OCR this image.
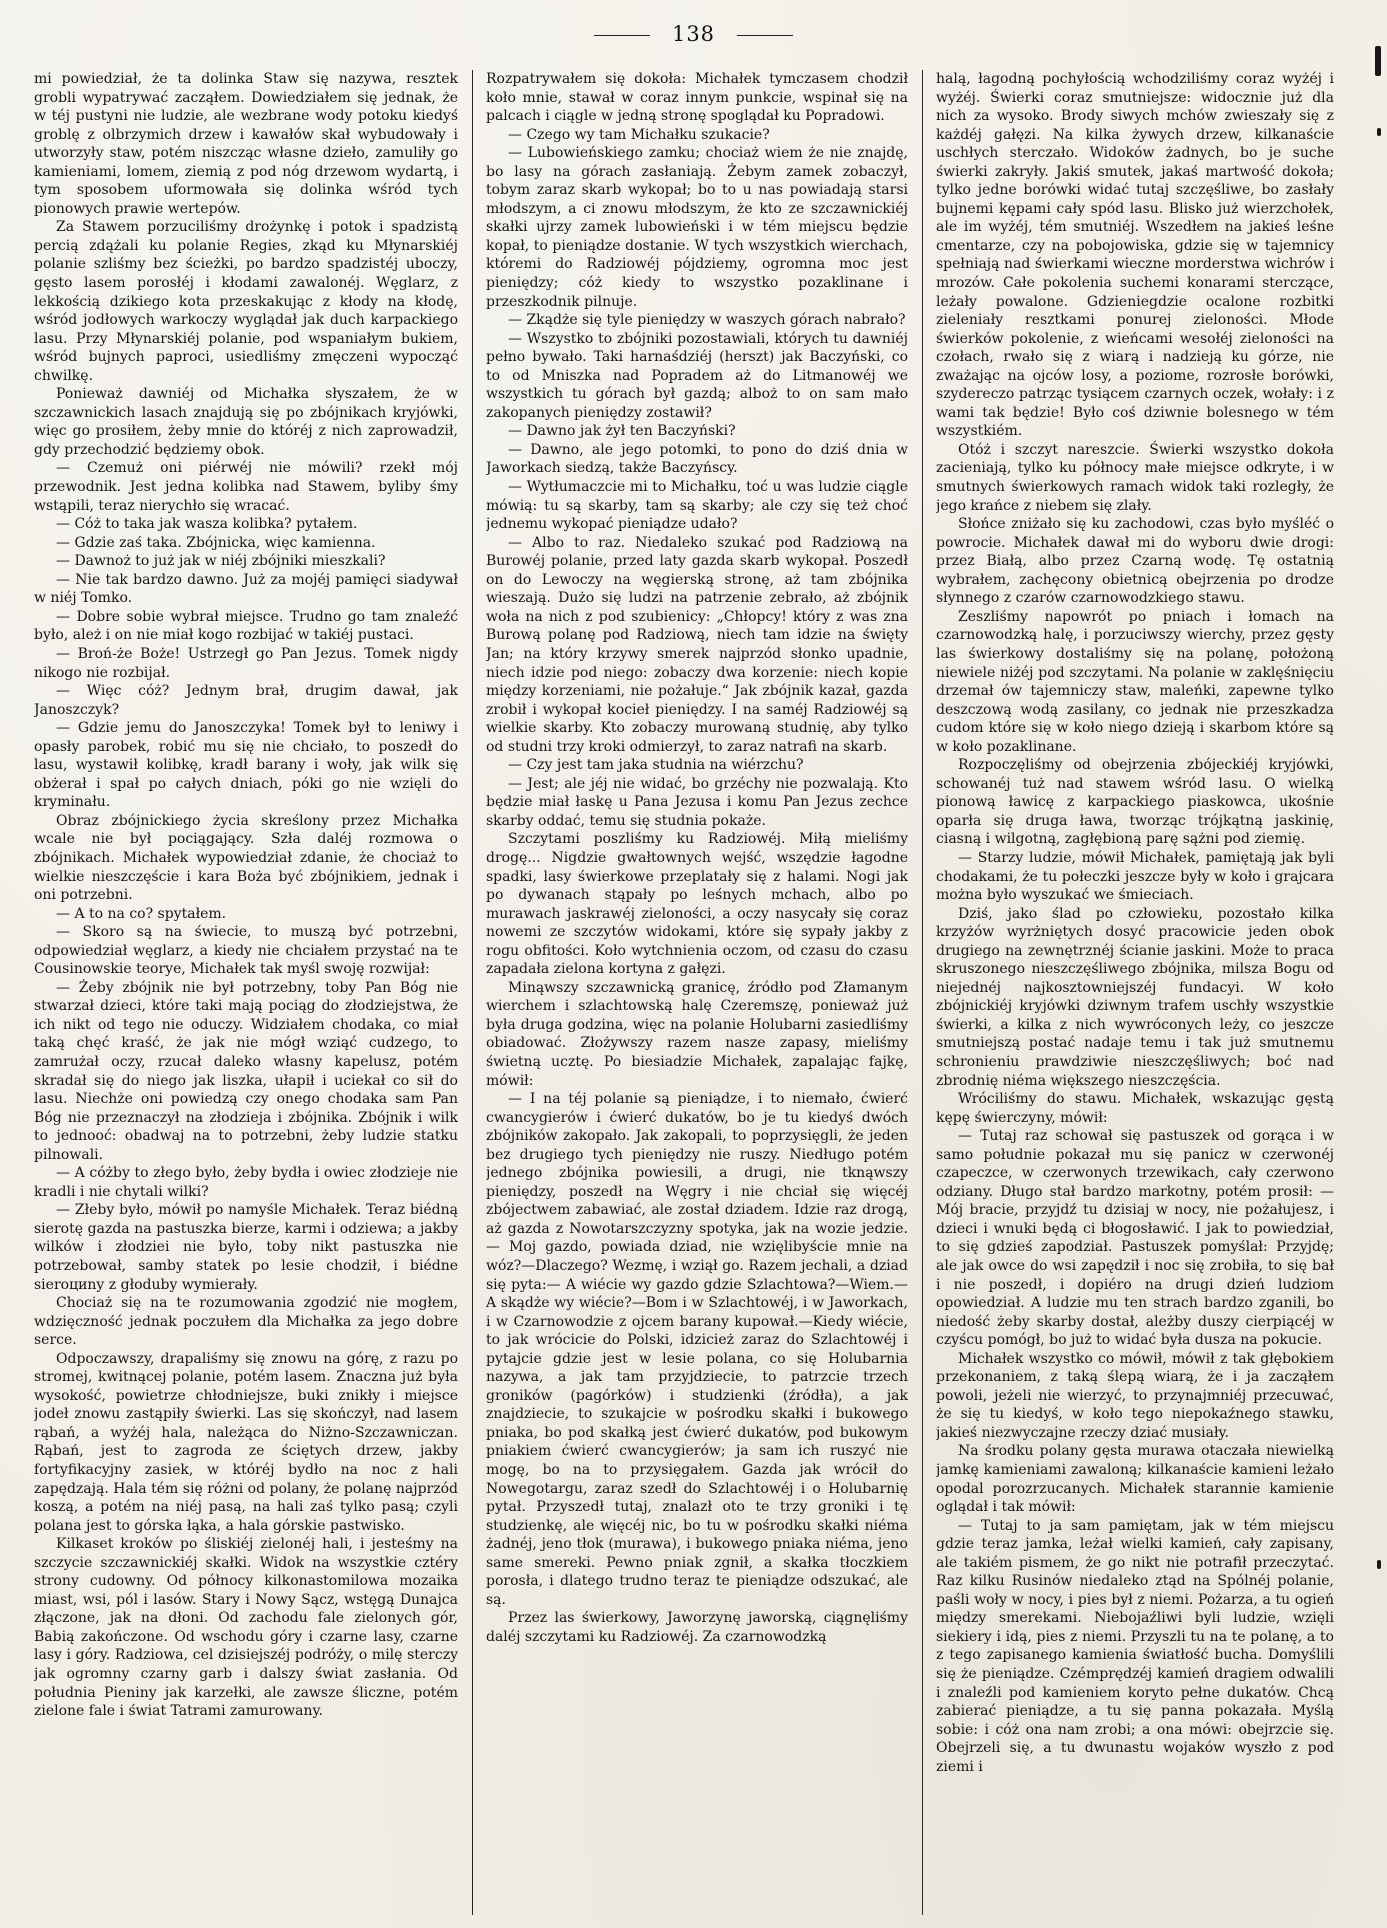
138

mi powiedział, że ta dolinka Staw się nazywa, resztek grobli wypatrywać zacząłem. Dowiedziałem się jednak, że w téj pustyni nie ludzie, ale wezbrane wody potoku kiedyś groblę z olbrzymich drzew i kawałów skał wybudowały i utworzyły staw, potém niszcząc własne dzieło, zamuliły go kamieniami, lomem, ziemią z pod nóg drzewom wydartą, i tym sposobem uformowała się dolinka wśród tych pionowych prawie wertepów.

Za Stawem porzuciliśmy drożynkę i potok i spadzistą percią zdążali ku polanie Regies, zkąd ku Młynarskiéj polanie szliśmy bez ścieżki, po bardzo spadzistéj uboczy, gęsto lasem porosłéj i kłodami zawalonéj. Węglarz, z lekkością dzikiego kota przeskakując z kłody na kłodę, wśród jodłowych warkoczy wyglądał jak duch karpackiego lasu. Przy Młynarskiéj polanie, pod wspaniałym bukiem, wśród bujnych paproci, usiedliśmy zmęczeni wypocząć chwilkę.

Ponieważ dawniéj od Michałka słyszałem, że w szczawnickich lasach znajdują się po zbójnikach kryjówki, więc go prosiłem, żeby mnie do któréj z nich zaprowadził, gdy przechodzić będziemy obok.

— Czemuż oni piérwéj nie mówili? rzekł mój przewodnik. Jest jedna kolibka nad Stawem, byliby śmy wstąpili, teraz nierychło się wracać.

— Cóż to taka jak wasza kolibka? pytałem.

— Gdzie zaś taka. Zbójnicka, więc kamienna.

— Dawnoż to już jak w niéj zbójniki mieszkali?

— Nie tak bardzo dawno. Już za mojéj pamięci siadywał w niéj Tomko.

— Dobre sobie wybrał miejsce. Trudno go tam znaleźć było, ależ i on nie miał kogo rozbijać w takiéj pustaci.

— Broń-że Boże! Ustrzegł go Pan Jezus. Tomek nigdy nikogo nie rozbijał.

— Więc cóż? Jednym brał, drugim dawał, jak Janoszczyk?

— Gdzie jemu do Janoszczyka! Tomek był to leniwy i opasły parobek, robić mu się nie chciało, to poszedł do lasu, wystawił kolibkę, kradł barany i woły, jak wilk się obżerał i spał po całych dniach, póki go nie wzięli do kryminału.

Obraz zbójnickiego życia skreślony przez Michałka wcale nie był pociągający. Szła daléj rozmowa o zbójnikach. Michałek wypowiedział zdanie, że chociaż to wielkie nieszczęście i kara Boża być zbójnikiem, jednak i oni potrzebni.

— A to na co? spytałem.

— Skoro są na świecie, to muszą być potrzebni, odpowiedział węglarz, a kiedy nie chciałem przystać na te Cousinowskie teorye, Michałek tak myśl swoję rozwijał:

— Żeby zbójnik nie był potrzebny, toby Pan Bóg nie stwarzał dzieci, które taki mają pociąg do złodziejstwa, że ich nikt od tego nie oduczy. Widziałem chodaka, co miał taką chęć kraść, że jak nie mógł wziąć cudzego, to zamrużał oczy, rzucał daleko własny kapelusz, potém skradał się do niego jak liszka, ułapił i uciekał co sił do lasu. Niechże oni powiedzą czy onego chodaka sam Pan Bóg nie przeznaczył na złodzieja i zbójnika. Zbójnik i wilk to jednooć: obadwaj na to potrzebni, żeby ludzie statku pilnowali.

— A cóżby to złego było, żeby bydła i owiec złodzieje nie kradli i nie chytali wilki?

— Złeby było, mówił po namyśle Michałek. Teraz biédną sierotę gazda na pastuszka bierze, karmi i odziewa; a jakby wilków i złodziei nie było, toby nikt pastuszka nie potrzebował, samby statek po lesie chodził, i biédne sieroциny z głoduby wymierały.

Chociaż się na te rozumowania zgodzić nie mogłem, wdzięczność jednak poczułem dla Michałka za jego dobre serce.

Odpoczawszy, drapaliśmy się znowu na górę, z razu po stromej, kwitnącej polanie, potém lasem. Znaczna już była wysokość, powietrze chłodniejsze, buki znikły i miejsce jodeł znowu zastąpiły świerki. Las się skończył, nad lasem rąbań, a wyżéj hala, należąca do Niżno-Szczawniczan. Rąbań, jest to zagroda ze ściętych drzew, jakby fortyfikacyjny zasiek, w któréj bydło na noc z hali zapędzają. Hala tém się różni od polany, że polanę najprzód koszą, a potém na niéj pasą, na hali zaś tylko pasą; czyli polana jest to górska łąka, a hala górskie pastwisko.

Kilkaset kroków po śliskiéj zielonéj hali, i jesteśmy na szczycie szczawnickiéj skałki. Widok na wszystkie cztéry strony cudowny. Od północy kilkonastomilowa mozaika miast, wsi, pól i lasów. Stary i Nowy Sącz, wstęgą Dunajca złączone, jak na dłoni. Od zachodu fale zielonych gór, Babią zakończone. Od wschodu góry i czarne lasy, czarne lasy i góry. Radziowa, cel dzisiejszéj podróży, o milę sterczy jak ogromny czarny garb i dalszy świat zasłania. Od południa Pieniny jak karzełki, ale zawsze śliczne, potém zielone fale i świat Tatrami zamurowany.

Rozpatrywałem się dokoła: Michałek tymczasem chodził koło mnie, stawał w coraz innym punkcie, wspinał się na palcach i ciągle w jedną stronę spoglądał ku Popradowi.

— Czego wy tam Michałku szukacie?

— Lubowieńskiego zamku; chociaż wiem że nie znajdę, bo lasy na górach zasłaniają. Żebym zamek zobaczył, tobym zaraz skarb wykopał; bo to u nas powiadają starsi młodszym, a ci znowu młodszym, że kto ze szczawnickiéj skałki ujrzy zamek lubowieński i w tém miejscu będzie kopał, to pieniądze dostanie. W tych wszystkich wierchach, któremi do Radziowéj pójdziemy, ogromna moc jest pieniędzy; cóż kiedy to wszystko pozaklinane i przeszkodnik pilnuje.

— Zkądże się tyle pieniędzy w waszych górach nabrało?

— Wszystko to zbójniki pozostawiali, których tu dawniéj pełno bywało. Taki harnaśdziéj (herszt) jak Baczyński, co to od Mniszka nad Popradem aż do Litmanowéj we wszystkich tu górach był gazdą; alboż to on sam mało zakopanych pieniędzy zostawił?

— Dawno jak żył ten Baczyński?

— Dawno, ale jego potomki, to pono do dziś dnia w Jaworkach siedzą, także Baczyńscy.

— Wytłumaczcie mi to Michałku, toć u was ludzie ciągle mówią: tu są skarby, tam są skarby; ale czy się też choć jednemu wykopać pieniądze udało?

— Albo to raz. Niedaleko szukać pod Radziową na Burowéj polanie, przed laty gazda skarb wykopał. Poszedł on do Lewoczy na węgierską stronę, aż tam zbójnika wieszają. Dużo się ludzi na patrzenie zebrało, aż zbójnik woła na nich z pod szubienicy: „Chłopcy! który z was zna Burową polanę pod Radziową, niech tam idzie na święty Jan; na który krzywy smerek najprzód słonko upadnie, niech idzie pod niego: zobaczy dwa korzenie: niech kopie między korzeniami, nie pożałuje.“ Jak zbójnik kazał, gazda zrobił i wykopał kocieł pieniędzy. I na saméj Radziowéj są wielkie skarby. Kto zobaczy murowaną studnię, aby tylko od studni trzy kroki odmierzył, to zaraz natrafi na skarb.

— Czy jest tam jaka studnia na wiérzchu?

— Jest; ale jéj nie widać, bo grzéchy nie pozwalają. Kto będzie miał łaskę u Pana Jezusa i komu Pan Jezus zechce skarby oddać, temu się studnia pokaże.

Szczytami poszliśmy ku Radziowéj. Miłą mieliśmy drogę... Nigdzie gwałtownych wejść, wszędzie łagodne spadki, lasy świerkowe przeplatały się z halami. Nogi jak po dywanach stąpały po leśnych mchach, albo po murawach jaskrawéj zieloności, a oczy nasycały się coraz nowemi ze szczytów widokami, które się sypały jakby z rogu obfitości. Koło wytchnienia oczom, od czasu do czasu zapadała zielona kortyna z gałęzi.

Minąwszy szczawnicką granicę, źródło pod Złamanym wierchem i szlachtowską halę Czeremszę, ponieważ już była druga godzina, więc na polanie Holubarni zasiedliśmy obiadować. Złożywszy razem nasze zapasy, mieliśmy świetną ucztę. Po biesiadzie Michałek, zapalając fajkę, mówił:

— I na téj polanie są pieniądze, i to niemało, ćwierć cwancygierów i ćwierć dukatów, bo je tu kiedyś dwóch zbójników zakopało. Jak zakopali, to poprzysięgli, że jeden bez drugiego tych pieniędzy nie ruszy. Niedługo potém jednego zbójnika powiesili, a drugi, nie tknąwszy pieniędzy, poszedł na Węgry i nie chciał się więcéj zbójectwem zabawiać, ale został dziadem. Idzie raz drogą, aż gazda z Nowotarszczyzny spotyka, jak na wozie jedzie. — Moj gazdo, powiada dziad, nie wzięlibyście mnie na wóz?—Dlaczego? Wezmę, i wziął go. Razem jechali, a dziad się pyta:— A wiécie wy gazdo gdzie Szlachtowa?—Wiem.—A skądże wy wiécie?—Bom i w Szlachtowéj, i w Jaworkach, i w Czarnowodzie z ojcem barany kupował.—Kiedy wiécie, to jak wrócicie do Polski, idzicież zaraz do Szlachtowéj i pytajcie gdzie jest w lesie polana, co się Holubarnia nazywa, a jak tam przyjdziecie, to patrzcie trzech groników (pagórków) i studzienki (źródła), a jak znajdziecie, to szukajcie w pośrodku skałki i bukowego pniaka, bo pod skałką jest ćwierć dukatów, pod bukowym pniakiem ćwierć cwancygierów; ja sam ich ruszyć nie mogę, bo na to przysięgałem. Gazda jak wrócił do Nowegotargu, zaraz szedł do Szlachtowéj i o Holubarnię pytał. Przyszedł tutaj, znalazł oto te trzy groniki i tę studzienkę, ale więcéj nic, bo tu w pośrodku skałki niéma żadnéj, jeno tłok (murawa), i bukowego pniaka niéma, jeno same smereki. Pewno pniak zgnił, a skałka tłoczkiem porosła, i dlatego trudno teraz te pieniądze odszukać, ale są.

Przez las świerkowy, Jaworzynę jaworską, ciągnęliśmy daléj szczytami ku Radziowéj. Za czarnowodzką

halą, łagodną pochyłością wchodziliśmy coraz wyżéj i wyżéj. Świerki coraz smutniejsze: widocznie już dla nich za wysoko. Brody siwych mchów zwieszały się z każdéj gałęzi. Na kilka żywych drzew, kilkanaście uschłych sterczało. Widoków żadnych, bo je suche świerki zakryły. Jakiś smutek, jakaś martwość dokoła; tylko jedne borówki widać tutaj szczęśliwe, bo zasłały bujnemi kępami cały spód lasu. Blisko już wierzchołek, ale im wyżéj, tém smutniéj. Wszedłem na jakieś leśne cmentarze, czy na pobojowiska, gdzie się w tajemnicy spełniają nad świerkami wieczne morderstwa wichrów i mrozów. Całe pokolenia suchemi konarami sterczące, leżały powalone. Gdzieniegdzie ocalone rozbitki zieleniały resztkami ponurej zieloności. Młode świerków pokolenie, z wieńcami wesołéj zieloności na czołach, rwało się z wiarą i nadzieją ku górze, nie zważając na ojców losy, a poziome, rozrosłe borówki, szydereczo patrząc tysiącem czarnych oczek, wołały: i z wami tak będzie! Było coś dziwnie bolesnego w tém wszystkiém.

Otóż i szczyt nareszcie. Świerki wszystko dokoła zacieniają, tylko ku północy małe miejsce odkryte, i w smutnych świerkowych ramach widok taki rozległy, że jego krańce z niebem się zlały.

Słońce zniżało się ku zachodowi, czas było myśléć o powrocie. Michałek dawał mi do wyboru dwie drogi: przez Białą, albo przez Czarną wodę. Tę ostatnią wybrałem, zachęcony obietnicą obejrzenia po drodze słynnego z czarów czarnowodzkiego stawu.

Zeszliśmy napowrót po pniach i łomach na czarnowodzką halę, i porzuciwszy wierchy, przez gęsty las świerkowy dostaliśmy się na polanę, położoną niewiele niżéj pod szczytami. Na polanie w zaklęśnięciu drzemał ów tajemniczy staw, maleńki, zapewne tylko deszczową wodą zasilany, co jednak nie przeszkadza cudom które się w koło niego dzieją i skarbom które są w koło pozaklinane.

Rozpoczęliśmy od obejrzenia zbójeckiéj kryjówki, schowanéj tuż nad stawem wśród lasu. O wielką pionową ławicę z karpackiego piaskowca, ukośnie oparła się druga ława, tworząc trójkątną jaskinię, ciasną i wilgotną, zagłębioną parę sążni pod ziemię.

— Starzy ludzie, mówił Michałek, pamiętają jak byli chodakami, że tu połeczki jeszcze były w koło i grajcara można było wyszukać we śmieciach.

Dziś, jako ślad po człowieku, pozostało kilka krzyżów wyrżniętych dosyć pracowicie jeden obok drugiego na zewnętrznéj ścianie jaskini. Może to praca skruszonego nieszczęśliwego zbójnika, milsza Bogu od niejednéj najkosztowniejszéj fundacyi. W koło zbójnickiéj kryjówki dziwnym trafem uschły wszystkie świerki, a kilka z nich wywróconych leży, co jeszcze smutniejszą postać nadaje temu i tak już smutnemu schronieniu prawdziwie nieszczęśliwych; boć nad zbrodnię niéma większego nieszczęścia.

Wróciliśmy do stawu. Michałek, wskazując gęstą kępę świerczyny, mówił:

— Tutaj raz schował się pastuszek od gorąca i w samo południe pokazał mu się panicz w czerwonéj czapeczce, w czerwonych trzewikach, cały czerwono odziany. Długo stał bardzo markotny, potém prosił: — Mój bracie, przyjdź tu dzisiaj w nocy, nie pożałujesz, i dzieci i wnuki będą ci błogosławić. I jak to powiedział, to się gdzieś zapodział. Pastuszek pomyślał: Przyjdę; ale jak owce do wsi zapędził i noc się zrobiła, to się bał i nie poszedł, i dopiéro na drugi dzień ludziom opowiedział. A ludzie mu ten strach bardzo zganili, bo niedość żeby skarby dostał, ależby duszy cierpiącéj w czyścu pomógł, bo już to widać była dusza na pokucie.

Michałek wszystko co mówił, mówił z tak głębokiem przekonaniem, z taką ślepą wiarą, że i ja zacząłem powoli, jeżeli nie wierzyć, to przynajmniéj przecuwać, że się tu kiedyś, w koło tego niepokaźnego stawku, jakieś niezwyczajne rzeczy dziać musiały.

Na środku polany gęsta murawa otaczała niewielką jamkę kamieniami zawaloną; kilkanaście kamieni leżało opodal porozrzucanych. Michałek starannie kamienie oglądał i tak mówił:

— Tutaj to ja sam pamiętam, jak w tém miejscu gdzie teraz jamka, leżał wielki kamień, cały zapisany, ale takiém pismem, że go nikt nie potrafił przeczytać. Raz kilku Rusinów niedaleko ztąd na Spólnéj polanie, paśli woły w nocy, i pies był z niemi. Pożarza, a tu ogień między smerekami. Niebojaźliwi byli ludzie, wzięli siekiery i idą, pies z niemi. Przyszli tu na te polanę, a to z tego zapisanego kamienia światłość bucha. Domyślili się że pieniądze. Czémprędzéj kamień dragiem odwalili i znaleźli pod kamieniem koryto pełne dukatów. Chcą zabierać pieniądze, a tu się panna pokazała. Myślą sobie: i cóż ona nam zrobi; a ona mówi: obejrzcie się. Obejrzeli się, a tu dwunastu wojaków wyszło z pod ziemi i
